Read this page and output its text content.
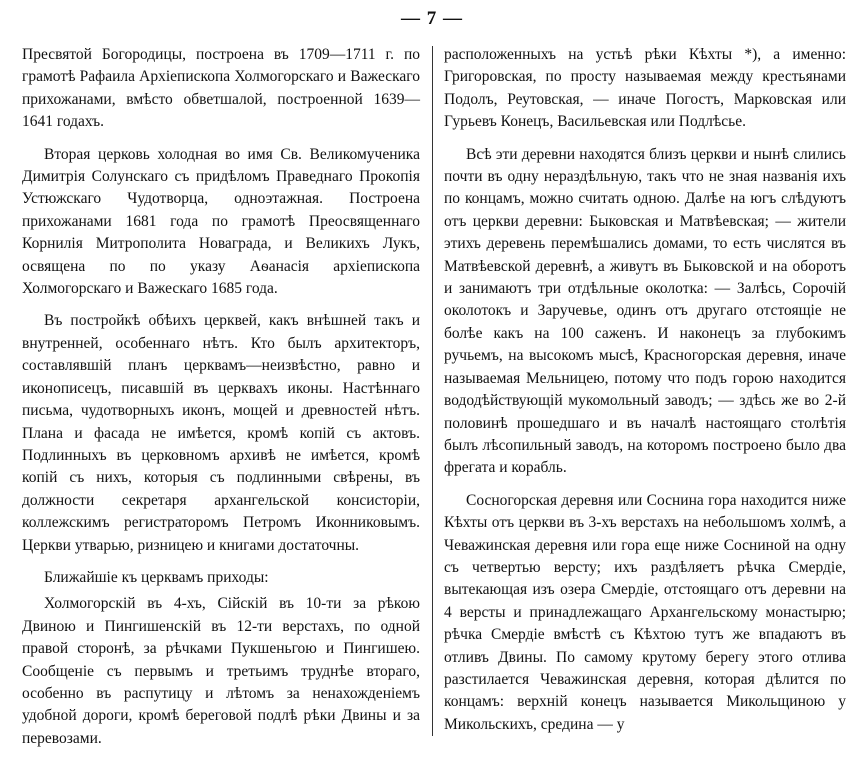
— 7 —

Пресвятой Богородицы, построена въ 1709—1711 г. по грамотѣ Рафаила Архіепископа Холмогорскаго и Важескаго прихожанами, вмѣсто обветшалой, построенной 1639—1641 годахъ.

Вторая церковь холодная во имя Св. Великомученика Димитрія Солунскаго съ придѣломъ Праведнаго Прокопія Устюжскаго Чудотворца, одноэтажная. Построена прихожанами 1681 года по грамотѣ Преосвященнаго Корнилія Митрополита Новаграда, и Великихъ Лукъ, освящена по по указу Аѳанасія архіепископа Холмогорскаго и Важескаго 1685 года.

Въ постройкѣ обѣихъ церквей, какъ внѣшней такъ и внутренней, особеннаго нѣтъ. Кто былъ архитекторъ, составлявшій планъ церквамъ—неизвѣстно, равно и иконописецъ, писавшій въ церквахъ иконы. Настѣннаго письма, чудотворныхъ иконъ, мощей и древностей нѣтъ. Плана и фасада не имѣется, кромѣ копій съ актовъ. Подлинныхъ въ церковномъ архивѣ не имѣется, кромѣ копій съ нихъ, которыя съ подлинными свѣрены, въ должности секретаря архангельской консисторіи, коллежскимъ регистраторомъ Петромъ Иконниковымъ. Церкви утварью, ризницею и книгами достаточны.

Ближайшіе къ церквамъ приходы:

Холмогорскій въ 4-хъ, Сійскій въ 10-ти за рѣкою Двиною и Пингишенскій въ 12-ти верстахъ, по одной правой сторонѣ, за рѣчками Пукшеньгою и Пингишею. Сообщеніе съ первымъ и третьимъ труднѣе втораго, особенно въ распутицу и лѣтомъ за ненахожденіемъ удобной дороги, кромѣ береговой подлѣ рѣки Двины и за перевозами.

расположенныхъ на устьѣ рѣки Кѣхты *), а именно: Григоровская, по просту называемая между крестьянами Подолъ, Реутовская, — иначе Погостъ, Марковская или Гурьевъ Конецъ, Васильевская или Подлѣсье.

Всѣ эти деревни находятся близъ церкви и нынѣ слились почти въ одну нераздѣльную, такъ что не зная названія ихъ по концамъ, можно считать одною. Далѣе на югъ слѣдуютъ отъ церкви деревни: Быковская и Матвѣевская; — жители этихъ деревень перемѣшались домами, то есть числятся въ Матвѣевской деревнѣ, а живутъ въ Быковской и на оборотъ и занимаютъ три отдѣльные околотка: — Залѣсь, Сорочій околотокъ и Заручевье, одинъ отъ другаго отстоящіе не болѣе какъ на 100 саженъ. И наконецъ за глубокимъ ручьемъ, на высокомъ мысѣ, Красногорская деревня, иначе называемая Мельницею, потому что подъ горою находится вододѣйствующій мукомольный заводъ; — здѣсь же во 2-й половинѣ прошедшаго и въ началѣ настоящаго столѣтія былъ лѣсопильный заводъ, на которомъ построено было два фрегата и корабль.

Сосногорская деревня или Соснина гора находится ниже Кѣхты отъ церкви въ 3-хъ верстахъ на небольшомъ холмѣ, а Чеважинская деревня или гора еще ниже Сосниной на одну съ четвертью версту; ихъ раздѣляетъ рѣчка Смердіе, вытекающая изъ озера Смердіе, отстоящаго отъ деревни на 4 версты и принадлежащаго Архангельскому монастырю; рѣчка Смердіе вмѣстѣ съ Кѣхтою тутъ же впадаютъ въ отливъ Двины. По самому крутому берегу этого отлива разстилается Чеважинская деревня, которая дѣлится по концамъ: верхній конецъ называется Микольщиною у Микольскихъ, средина — у
